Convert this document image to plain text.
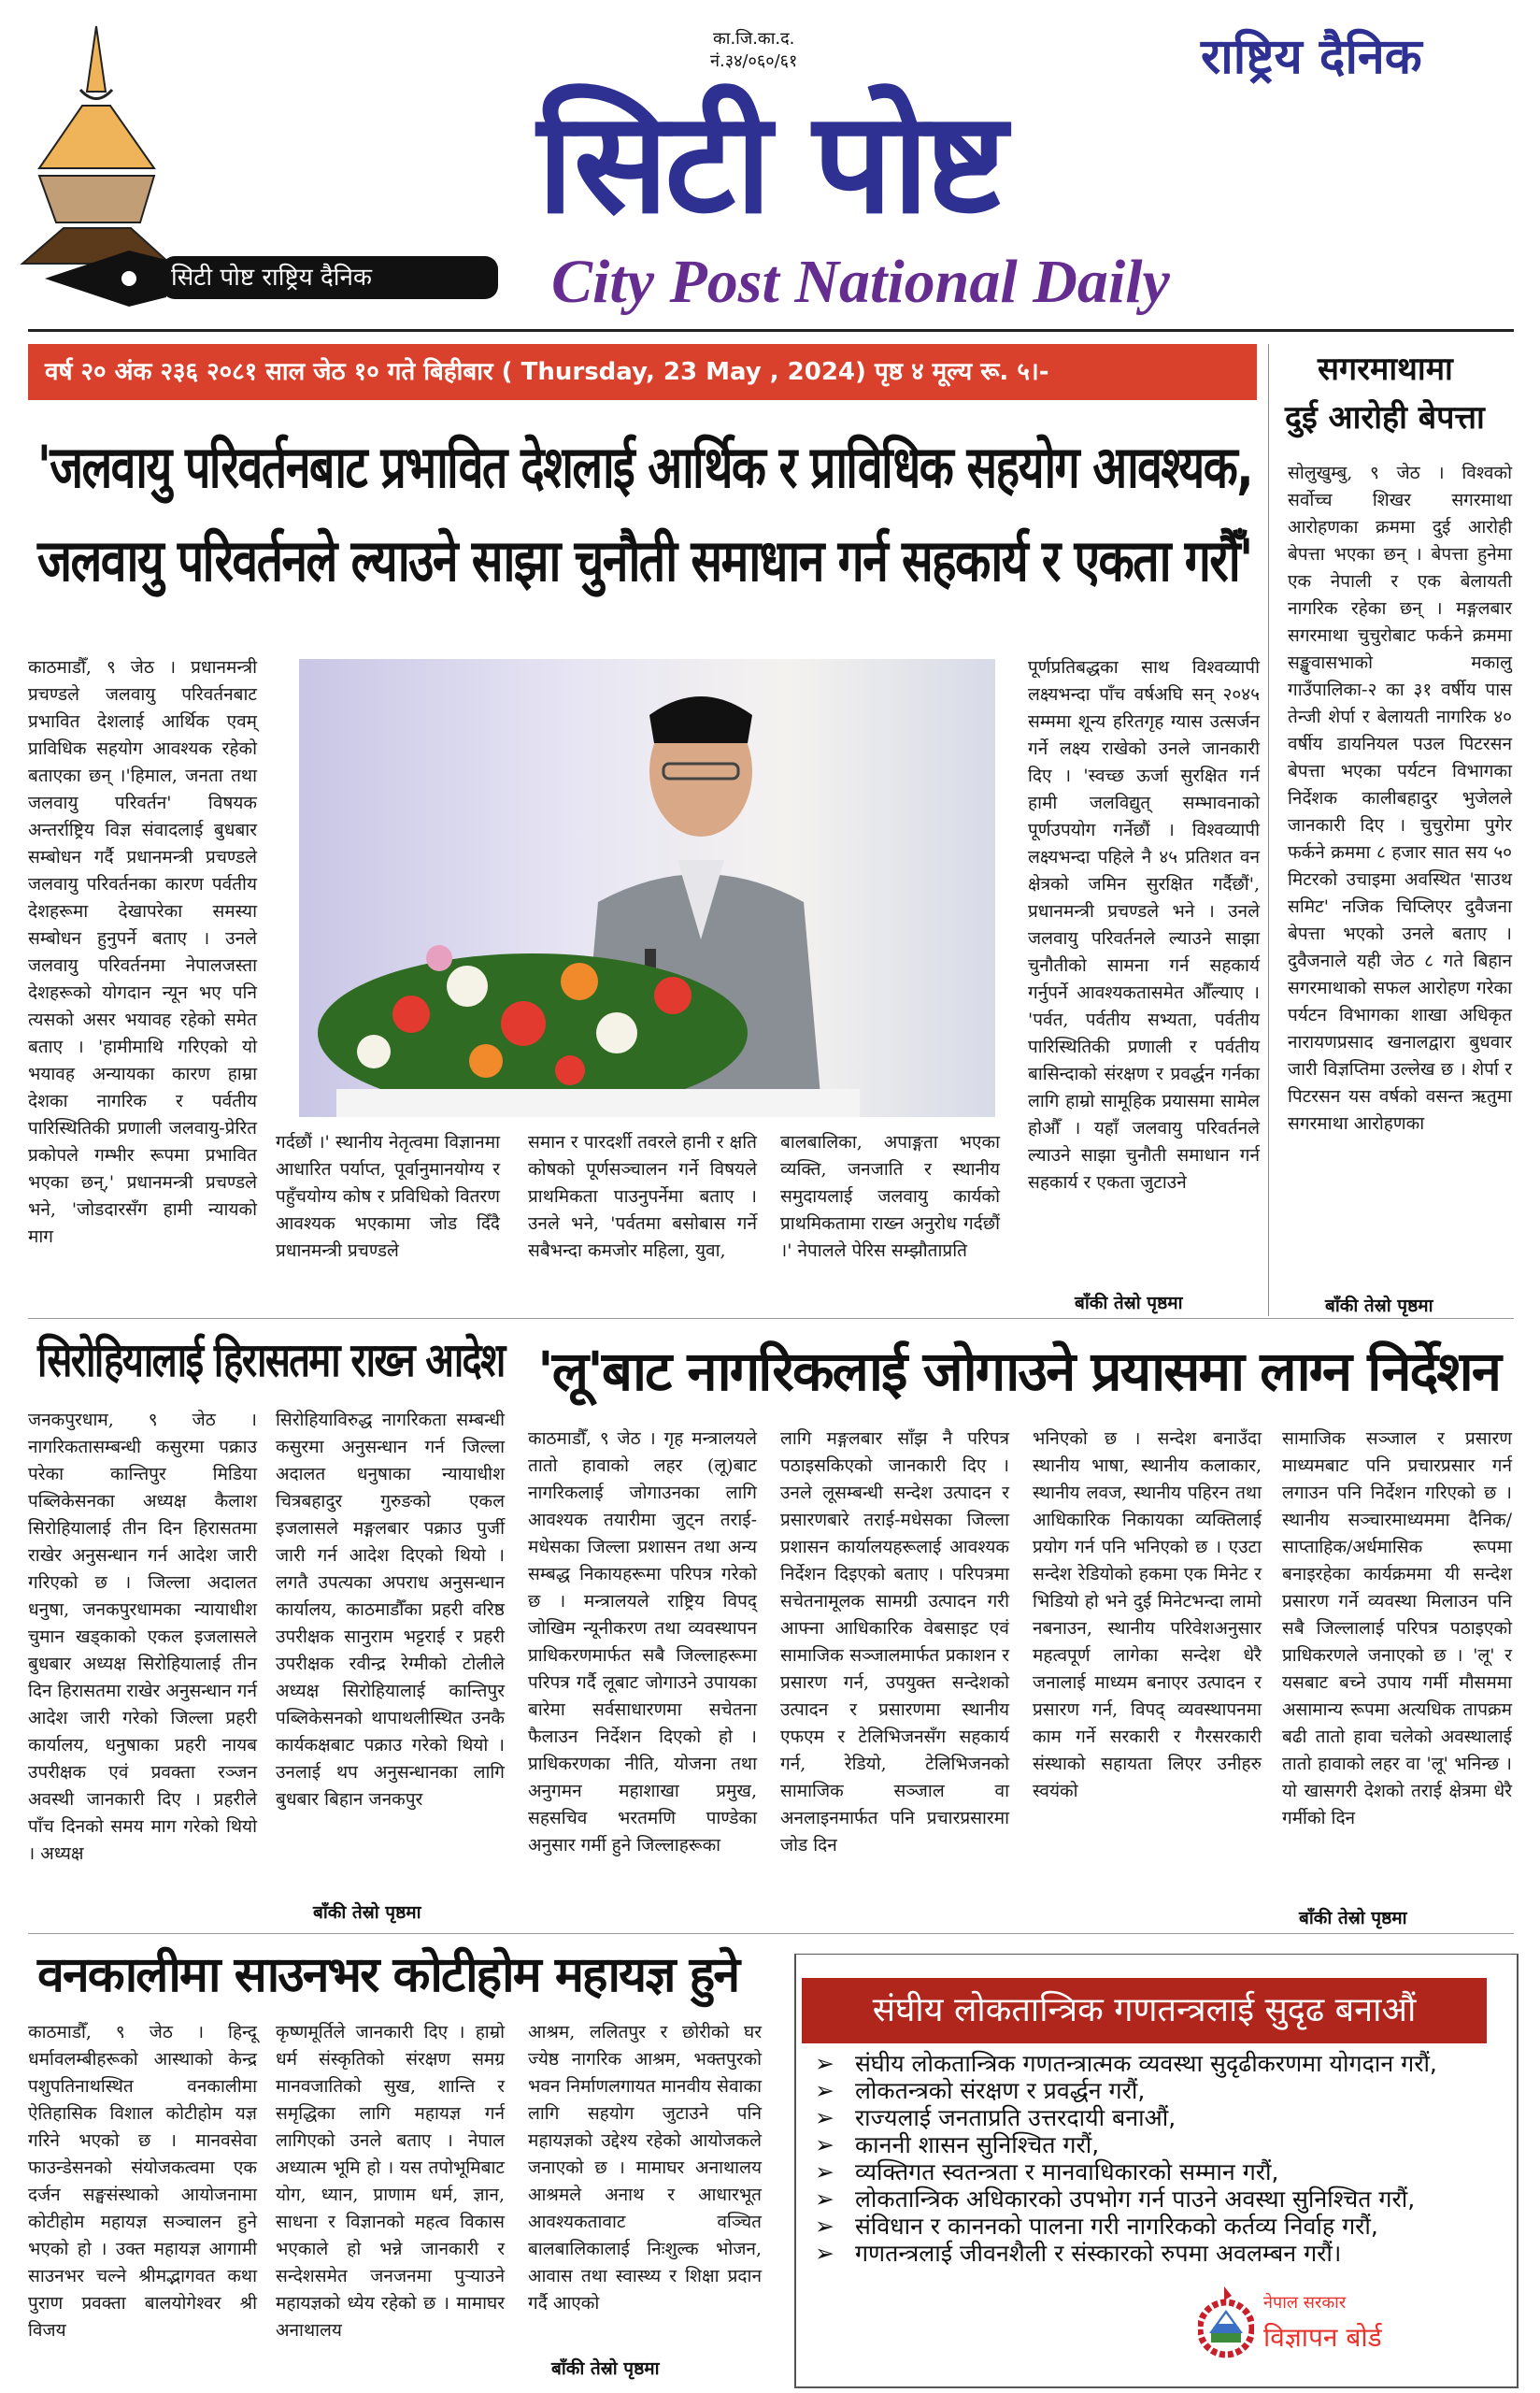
सिटी पोष्ट राष्ट्रिय दैनिक
का.जि.का.द.
नं.३४/०६०/६१	राष्ट्रिय दैनिक
सिटी पोष्ट
City Post National Daily
वर्ष २० अंक २३६ २०८१ साल जेठ १० गते बिहीबार ( Thursday, 23 May , 2024) पृष्ठ ४ मूल्य रू. ५।-
'जलवायु परिवर्तनबाट प्रभावित देशलाई आर्थिक र प्राविधिक सहयोग आवश्यक,
जलवायु परिवर्तनले ल्याउने साझा चुनौती समाधान गर्न सहकार्य र एकता गरौँ'
काठमाडौँ, ९ जेठ । प्रधानमन्त्री प्रचण्डले जलवायु परिवर्तनबाट प्रभावित देशलाई आर्थिक एवम् प्राविधिक सहयोग आवश्यक रहेको बताएका छन् ।'हिमाल, जनता तथा जलवायु परिवर्तन' विषयक अन्तर्राष्ट्रिय विज्ञ संवादलाई बुधबार सम्बोधन गर्दै प्रधानमन्त्री प्रचण्डले जलवायु परिवर्तनका कारण पर्वतीय देशहरूमा देखापरेका समस्या सम्बोधन हुनुपर्ने बताए । उनले जलवायु परिवर्तनमा नेपालजस्ता देशहरूको योगदान न्यून भए पनि त्यसको असर भयावह रहेको समेत बताए । 'हामीमाथि गरिएको यो भयावह अन्यायका कारण हाम्रा देशका नागरिक र पर्वतीय पारिस्थितिकी प्रणाली जलवायु-प्रेरित प्रकोपले गम्भीर रूपमा प्रभावित भएका छन्,' प्रधानमन्त्री प्रचण्डले भने, 'जोडदारसँग हामी न्यायको माग
गर्दछौं ।' स्थानीय नेतृत्वमा विज्ञानमा आधारित पर्याप्त, पूर्वानुमानयोग्य र पहुँचयोग्य कोष र प्रविधिको वितरण आवश्यक भएकामा जोड दिँदै प्रधानमन्त्री प्रचण्डले
समान र पारदर्शी तवरले हानी र क्षति कोषको पूर्णसञ्चालन गर्ने विषयले प्राथमिकता पाउनुपर्नेमा बताए । उनले भने, 'पर्वतमा बसोबास गर्ने सबैभन्दा कमजोर महिला, युवा,
बालबालिका, अपाङ्गता भएका व्यक्ति, जनजाति र स्थानीय समुदायलाई जलवायु कार्यको प्राथमिकतामा राख्न अनुरोध गर्दछौं ।' नेपालले पेरिस सम्झौताप्रति
पूर्णप्रतिबद्धका साथ विश्वव्यापी लक्ष्यभन्दा पाँच वर्षअघि सन् २०४५ सम्ममा शून्य हरितगृह ग्यास उत्सर्जन गर्ने लक्ष्य राखेको उनले जानकारी दिए । 'स्वच्छ ऊर्जा सुरक्षित गर्न हामी जलविद्युत् सम्भावनाको पूर्णउपयोग गर्नेछौं । विश्वव्यापी लक्ष्यभन्दा पहिले नै ४५ प्रतिशत वन क्षेत्रको जमिन सुरक्षित गर्दैछौं', प्रधानमन्त्री प्रचण्डले भने । उनले जलवायु परिवर्तनले ल्याउने साझा चुनौतीको सामना गर्न सहकार्य गर्नुपर्ने आवश्यकतासमेत औँल्याए । 'पर्वत, पर्वतीय सभ्यता, पर्वतीय पारिस्थितिकी प्रणाली र पर्वतीय बासिन्दाको संरक्षण र प्रवर्द्धन गर्नका लागि हाम्रो सामूहिक प्रयासमा सामेल होऔँ । यहाँ जलवायु परिवर्तनले ल्याउने साझा चुनौती समाधान गर्न सहकार्य र एकता जुटाउने
बाँकी तेस्रो पृष्ठमा
सगरमाथामा
दुई आरोही बेपत्ता
सोलुखुम्बु, ९ जेठ । विश्वको सर्वोच्च शिखर सगरमाथा आरोहणका क्रममा दुई आरोही बेपत्ता भएका छन् । बेपत्ता हुनेमा एक नेपाली र एक बेलायती नागरिक रहेका छन् । मङ्गलबार सगरमाथा चुचुरोबाट फर्कने क्रममा सङ्खुवासभाको मकालु गाउँपालिका-२ का ३१ वर्षीय पास तेन्जी शेर्पा र बेलायती नागरिक ४० वर्षीय डायनियल पउल पिटरसन बेपत्ता भएका पर्यटन विभागका निर्देशक कालीबहादुर भुजेलले जानकारी दिए । चुचुरोमा पुगेर फर्कने क्रममा ८ हजार सात सय ५० मिटरको उचाइमा अवस्थित 'साउथ समिट' नजिक चिप्लिएर दुवैजना बेपत्ता भएको उनले बताए । दुवैजनाले यही जेठ ८ गते बिहान सगरमाथाको सफल आरोहण गरेका पर्यटन विभागका शाखा अधिकृत नारायणप्रसाद खनालद्वारा बुधवार जारी विज्ञप्तिमा उल्लेख छ । शेर्पा र पिटरसन यस वर्षको वसन्त ऋतुमा सगरमाथा आरोहणका
बाँकी तेस्रो पृष्ठमा
सिरोहियालाई हिरासतमा राख्न आदेश
जनकपुरधाम, ९ जेठ । नागरिकतासम्बन्धी कसुरमा पक्राउ परेका कान्तिपुर मिडिया पब्लिकेसनका अध्यक्ष कैलाश सिरोहियालाई तीन दिन हिरासतमा राखेर अनुसन्धान गर्न आदेश जारी गरिएको छ । जिल्ला अदालत धनुषा, जनकपुरधामका न्यायाधीश चुमान खड्काको एकल इजलासले बुधबार अध्यक्ष सिरोहियालाई तीन दिन हिरासतमा राखेर अनुसन्धान गर्न आदेश जारी गरेको जिल्ला प्रहरी कार्यालय, धनुषाका प्रहरी नायब उपरीक्षक एवं प्रवक्ता रञ्जन अवस्थी जानकारी दिए । प्रहरीले पाँच दिनको समय माग गरेको थियो । अध्यक्ष
सिरोहियाविरुद्ध नागरिकता सम्बन्धी कसुरमा अनुसन्धान गर्न जिल्ला अदालत धनुषाका न्यायाधीश चित्रबहादुर गुरुङको एकल इजलासले मङ्गलबार पक्राउ पुर्जी जारी गर्न आदेश दिएको थियो । लगतै उपत्यका अपराध अनुसन्धान कार्यालय, काठमाडौँका प्रहरी वरिष्ठ उपरीक्षक सानुराम भट्टराई र प्रहरी उपरीक्षक रवीन्द्र रेग्मीको टोलीले अध्यक्ष सिरोहियालाई कान्तिपुर पब्लिकेसनको थापाथलीस्थित उनकै कार्यकक्षबाट पक्राउ गरेको थियो । उनलाई थप अनुसन्धानका लागि बुधबार बिहान जनकपुर
बाँकी तेस्रो पृष्ठमा
'लू'बाट नागरिकलाई जोगाउने प्रयासमा लाग्न निर्देशन
काठमाडौँ, ९ जेठ । गृह मन्त्रालयले तातो हावाको लहर (लू)बाट नागरिकलाई जोगाउनका लागि आवश्यक तयारीमा जुट्न तराई-मधेसका जिल्ला प्रशासन तथा अन्य सम्बद्ध निकायहरूमा परिपत्र गरेको छ । मन्त्रालयले राष्ट्रिय विपद् जोखिम न्यूनीकरण तथा व्यवस्थापन प्राधिकरणमार्फत सबै जिल्लाहरूमा परिपत्र गर्दै लूबाट जोगाउने उपायका बारेमा सर्वसाधारणमा सचेतना फैलाउन निर्देशन दिएको हो । प्राधिकरणका नीति, योजना तथा अनुगमन महाशाखा प्रमुख, सहसचिव भरतमणि पाण्डेका अनुसार गर्मी हुने जिल्लाहरूका
लागि मङ्गलबार साँझ नै परिपत्र पठाइसकिएको जानकारी दिए । उनले लूसम्बन्धी सन्देश उत्पादन र प्रसारणबारे तराई-मधेसका जिल्ला प्रशासन कार्यालयहरूलाई आवश्यक निर्देशन दिइएको बताए । परिपत्रमा सचेतनामूलक सामग्री उत्पादन गरी आफ्ना आधिकारिक वेबसाइट एवं सामाजिक सञ्जालमार्फत प्रकाशन र प्रसारण गर्न, उपयुक्त सन्देशको उत्पादन र प्रसारणमा स्थानीय एफएम र टेलिभिजनसँग सहकार्य गर्न, रेडियो, टेलिभिजनको सामाजिक सञ्जाल वा अनलाइनमार्फत पनि प्रचारप्रसारमा जोड दिन
भनिएको छ । सन्देश बनाउँदा स्थानीय भाषा, स्थानीय कलाकार, स्थानीय लवज, स्थानीय पहिरन तथा आधिकारिक निकायका व्यक्तिलाई प्रयोग गर्न पनि भनिएको छ । एउटा सन्देश रेडियोको हकमा एक मिनेट र भिडियो हो भने दुई मिनेटभन्दा लामो नबनाउन, स्थानीय परिवेशअनुसार महत्वपूर्ण लागेका सन्देश धेरै जनालाई माध्यम बनाएर उत्पादन र प्रसारण गर्न, विपद् व्यवस्थापनमा काम गर्ने सरकारी र गैरसरकारी संस्थाको सहायता लिएर उनीहरु स्वयंको
सामाजिक सञ्जाल र प्रसारण माध्यमबाट पनि प्रचारप्रसार गर्न लगाउन पनि निर्देशन गरिएको छ । स्थानीय सञ्चारमाध्यममा दैनिक/साप्ताहिक/अर्धमासिक रूपमा बनाइरहेका कार्यक्रममा यी सन्देश प्रसारण गर्ने व्यवस्था मिलाउन पनि सबै जिल्लालाई परिपत्र पठाइएको प्राधिकरणले जनाएको छ । 'लू' र यसबाट बच्ने उपाय गर्मी मौसममा असामान्य रूपमा अत्यधिक तापक्रम बढी तातो हावा चलेको अवस्थालाई तातो हावाको लहर वा 'लू' भनिन्छ । यो खासगरी देशको तराई क्षेत्रमा धेरै गर्मीको दिन
बाँकी तेस्रो पृष्ठमा
वनकालीमा साउनभर कोटीहोम महायज्ञ हुने
काठमाडौँ, ९ जेठ । हिन्दू धर्मावलम्बीहरूको आस्थाको केन्द्र पशुपतिनाथस्थित वनकालीमा ऐतिहासिक विशाल कोटीहोम यज्ञ गरिने भएको छ । मानवसेवा फाउन्डेसनको संयोजकत्वमा एक दर्जन सङ्घसंस्थाको आयोजनामा कोटीहोम महायज्ञ सञ्चालन हुने भएको हो । उक्त महायज्ञ आगामी साउनभर चल्ने श्रीमद्भागवत कथा पुराण प्रवक्ता बालयोगेश्वर श्री विजय
कृष्णमूर्तिले जानकारी दिए । हाम्रो धर्म संस्कृतिको संरक्षण समग्र मानवजातिको सुख, शान्ति र समृद्धिका लागि महायज्ञ गर्न लागिएको उनले बताए । नेपाल अध्यात्म भूमि हो । यस तपोभूमिबाट योग, ध्यान, प्राणाम धर्म, ज्ञान, साधना र विज्ञानको महत्व विकास भएकाले हो भन्ने जानकारी र सन्देशसमेत जनजनमा पुऱ्याउने महायज्ञको ध्येय रहेको छ । मामाघर अनाथालय
आश्रम, ललितपुर र छोरीको घर ज्येष्ठ नागरिक आश्रम, भक्तपुरको भवन निर्माणलगायत मानवीय सेवाका लागि सहयोग जुटाउने पनि महायज्ञको उद्देश्य रहेको आयोजकले जनाएको छ । मामाघर अनाथालय आश्रमले अनाथ र आधारभूत आवश्यकतावाट वञ्चित बालबालिकालाई निःशुल्क भोजन, आवास तथा स्वास्थ्य र शिक्षा प्रदान गर्दै आएको
बाँकी तेस्रो पृष्ठमा
संघीय लोकतान्त्रिक गणतन्त्रलाई सुदृढ बनाऔं
➢ संघीय लोकतान्त्रिक गणतन्त्रात्मक व्यवस्था सुदृढीकरणमा योगदान गरौं,
➢ लोकतन्त्रको संरक्षण र प्रवर्द्धन गरौं,
➢ राज्यलाई जनताप्रति उत्तरदायी बनाऔं,
➢ काननी शासन सुनिश्चित गरौं,
➢ व्यक्तिगत स्वतन्त्रता र मानवाधिकारको सम्मान गरौं,
➢ लोकतान्त्रिक अधिकारको उपभोग गर्न पाउने अवस्था सुनिश्चित गरौं,
➢ संविधान र काननको पालना गरी नागरिकको कर्तव्य निर्वाह गरौं,
➢ गणतन्त्रलाई जीवनशैली र संस्कारको रुपमा अवलम्बन गरौं।
नेपाल सरकार
विज्ञापन बोर्ड
